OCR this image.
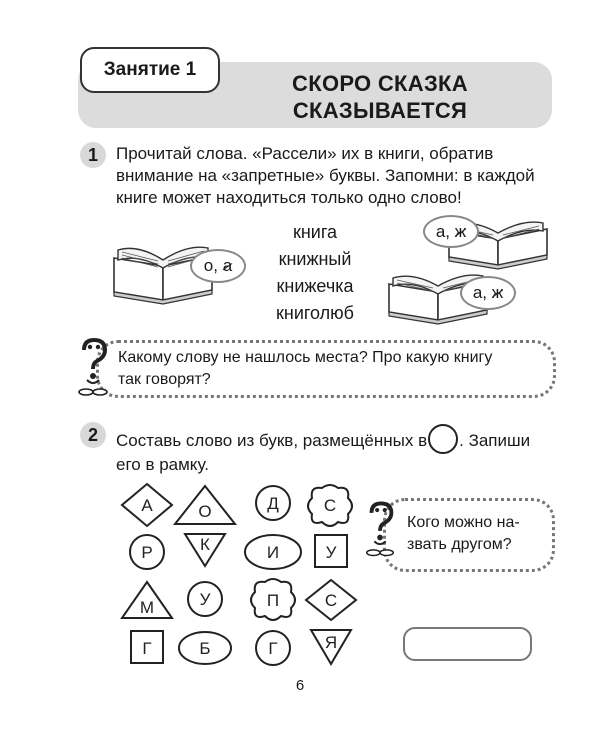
Занятие 1
СКОРО СКАЗКА
СКАЗЫВАЕТСЯ
1	Прочитай слова. «Расcели» их в книги, обратив
внимание на «запретные» буквы. Запомни: в каждой
книге может находиться только одно слово!
о,
а
книга
книжный
книжечка
книголюб
а,
ж
а,
ж
Какому слову не нашлось места? Про какую книгу
так говорят?
2	Составь слово из букв, размещённых в . Запиши
его в рамку.
А	О	Д	С
Р	К	И	У
М	У	П	С
Г	Б	Г	Я
Кого можно на-
звать другом?
6
